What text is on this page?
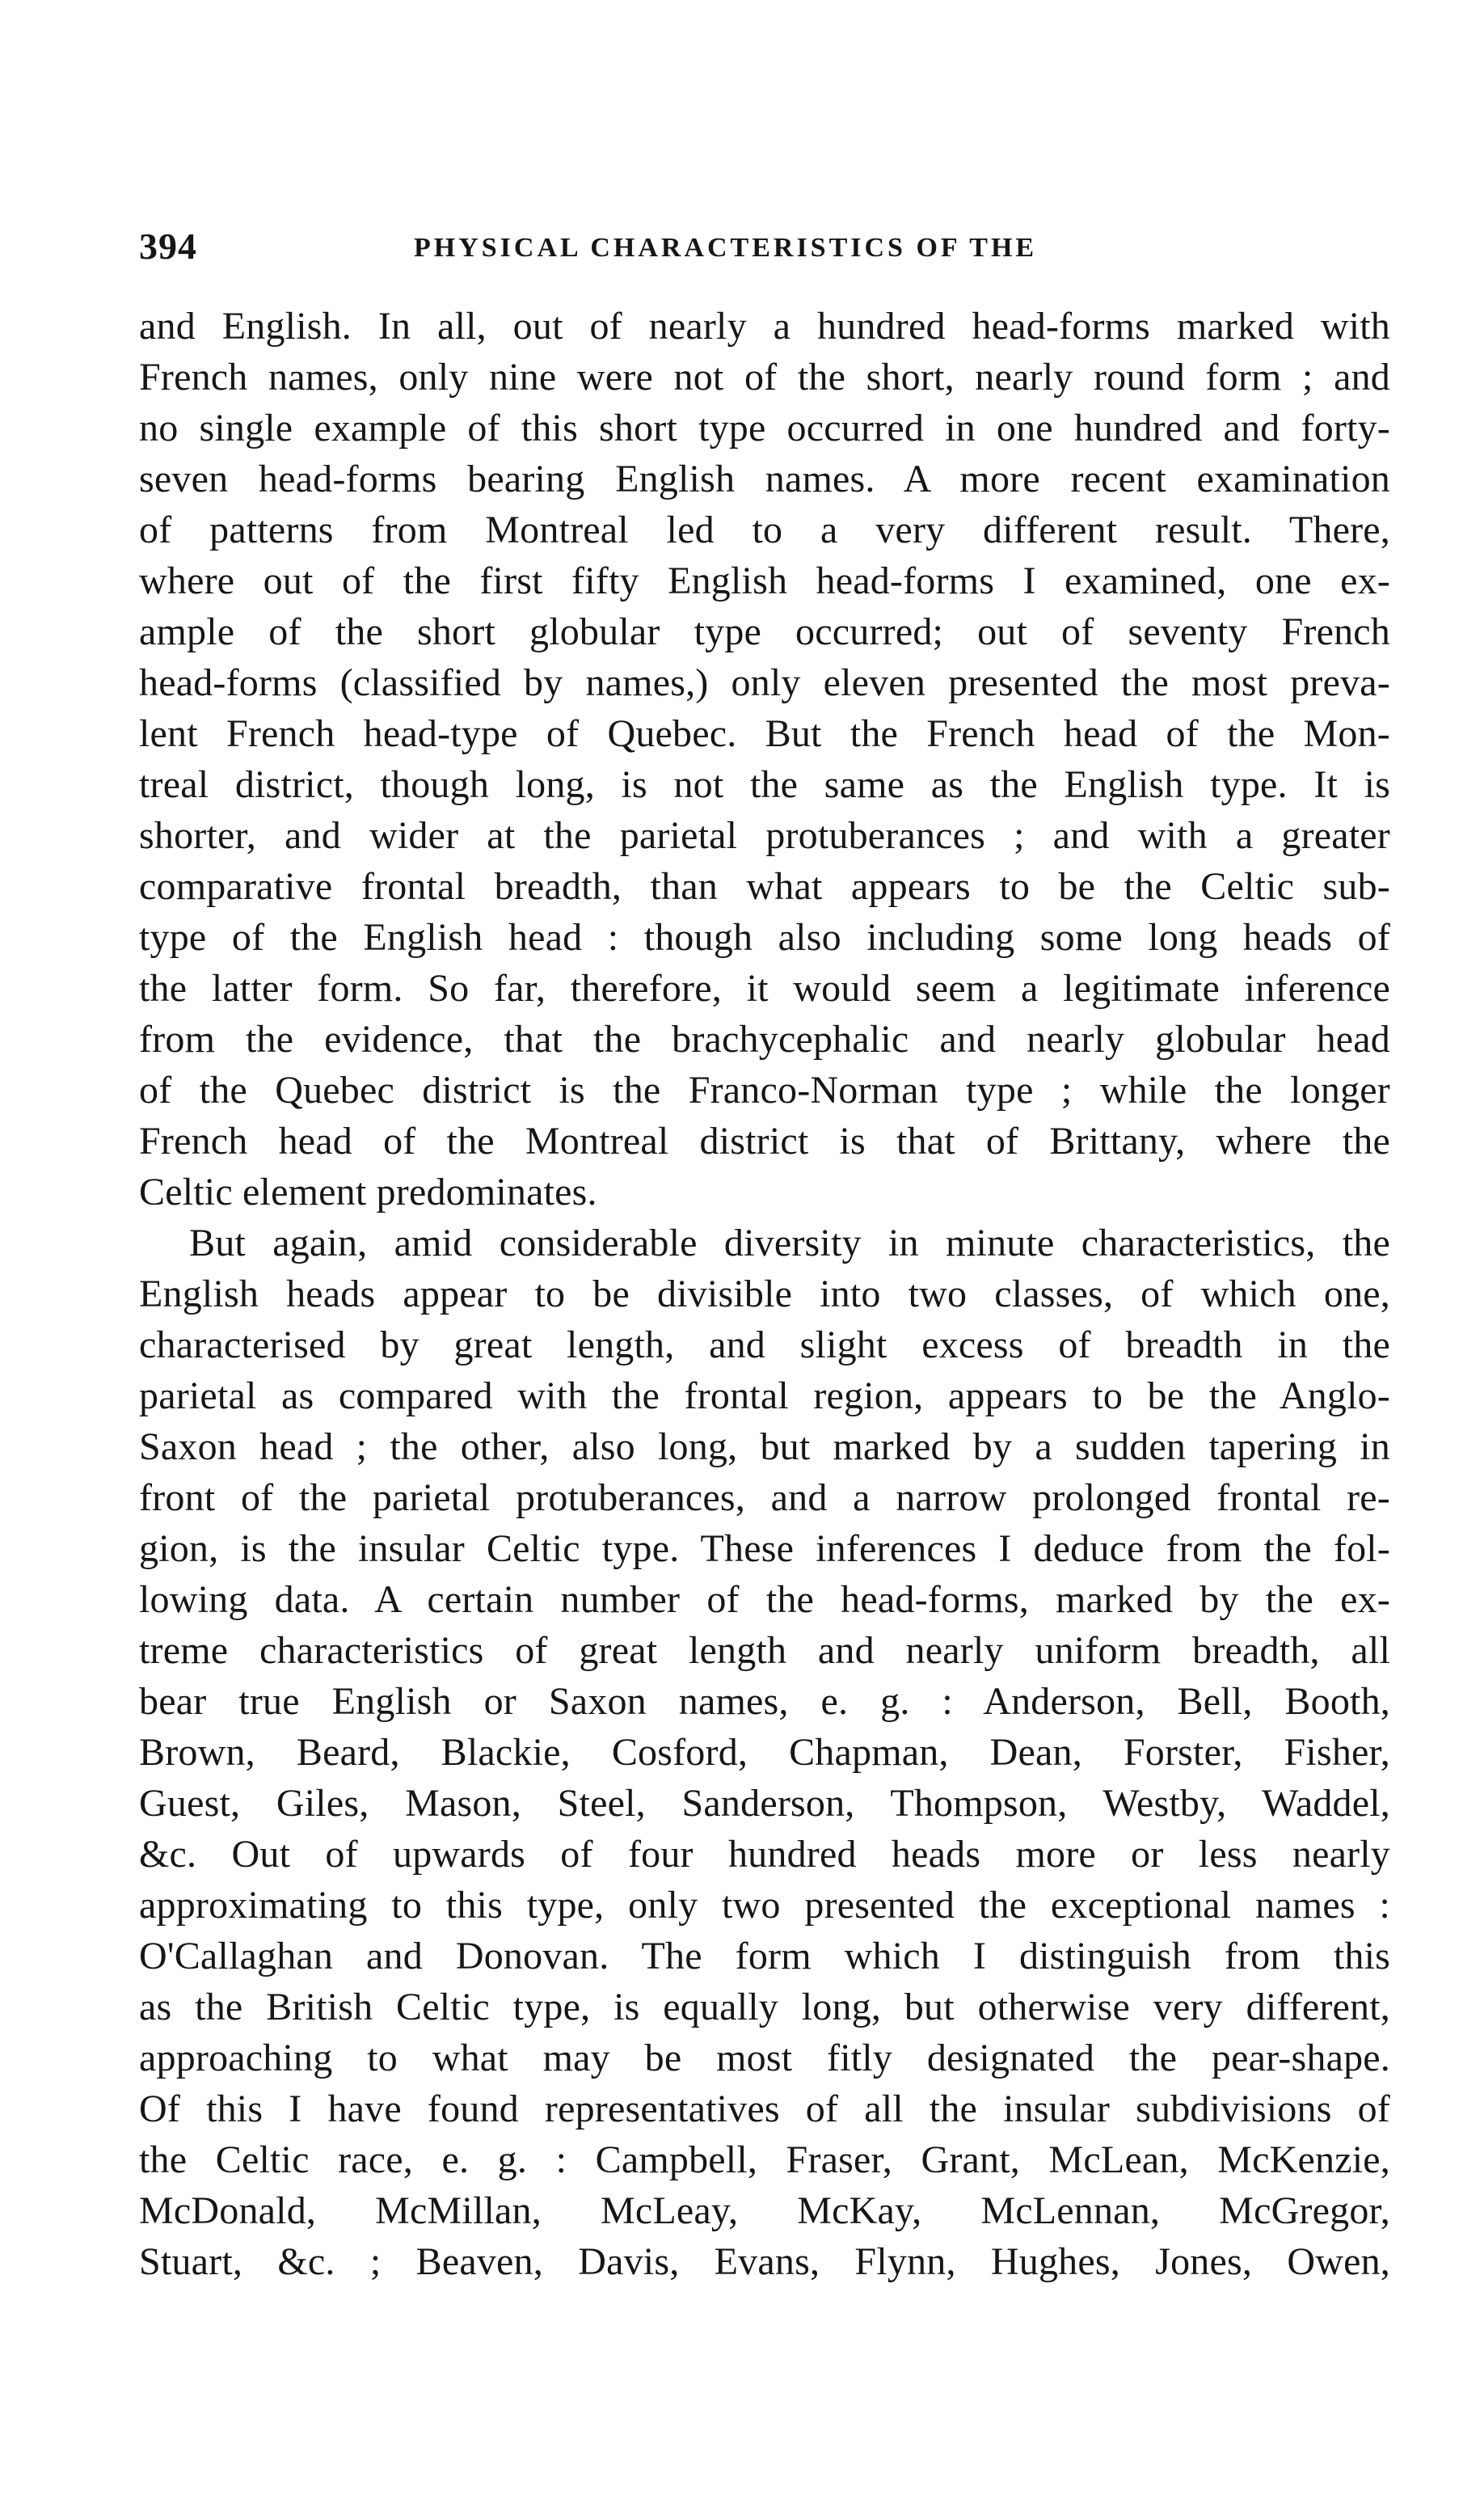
394	PHYSICAL CHARACTERISTICS OF THE
and English. In all, out of nearly a hundred head-forms marked with
French names, only nine were not of the short, nearly round form ; and
no single example of this short type occurred in one hundred and forty-
seven head-forms bearing English names. A more recent examination
of patterns from Montreal led to a very different result. There,
where out of the first fifty English head-forms I examined, one ex-
ample of the short globular type occurred; out of seventy French
head-forms (classified by names,) only eleven presented the most preva-
lent French head-type of Quebec. But the French head of the Mon-
treal district, though long, is not the same as the English type. It is
shorter, and wider at the parietal protuberances ; and with a greater
comparative frontal breadth, than what appears to be the Celtic sub-
type of the English head : though also including some long heads of
the latter form. So far, therefore, it would seem a legitimate inference
from the evidence, that the brachycephalic and nearly globular head
of the Quebec district is the Franco-Norman type ; while the longer
French head of the Montreal district is that of Brittany, where the
Celtic element predominates.
But again, amid considerable diversity in minute characteristics, the
English heads appear to be divisible into two classes, of which one,
characterised by great length, and slight excess of breadth in the
parietal as compared with the frontal region, appears to be the Anglo-
Saxon head ; the other, also long, but marked by a sudden tapering in
front of the parietal protuberances, and a narrow prolonged frontal re-
gion, is the insular Celtic type. These inferences I deduce from the fol-
lowing data. A certain number of the head-forms, marked by the ex-
treme characteristics of great length and nearly uniform breadth, all
bear true English or Saxon names, e. g. : Anderson, Bell, Booth,
Brown, Beard, Blackie, Cosford, Chapman, Dean, Forster, Fisher,
Guest, Giles, Mason, Steel, Sanderson, Thompson, Westby, Waddel,
&c. Out of upwards of four hundred heads more or less nearly
approximating to this type, only two presented the exceptional names :
O'Callaghan and Donovan. The form which I distinguish from this
as the British Celtic type, is equally long, but otherwise very different,
approaching to what may be most fitly designated the pear-shape.
Of this I have found representatives of all the insular subdivisions of
the Celtic race, e. g. : Campbell, Fraser, Grant, McLean, McKenzie,
McDonald, McMillan, McLeay, McKay, McLennan, McGregor,
Stuart, &c. ; Beaven, Davis, Evans, Flynn, Hughes, Jones, Owen,
